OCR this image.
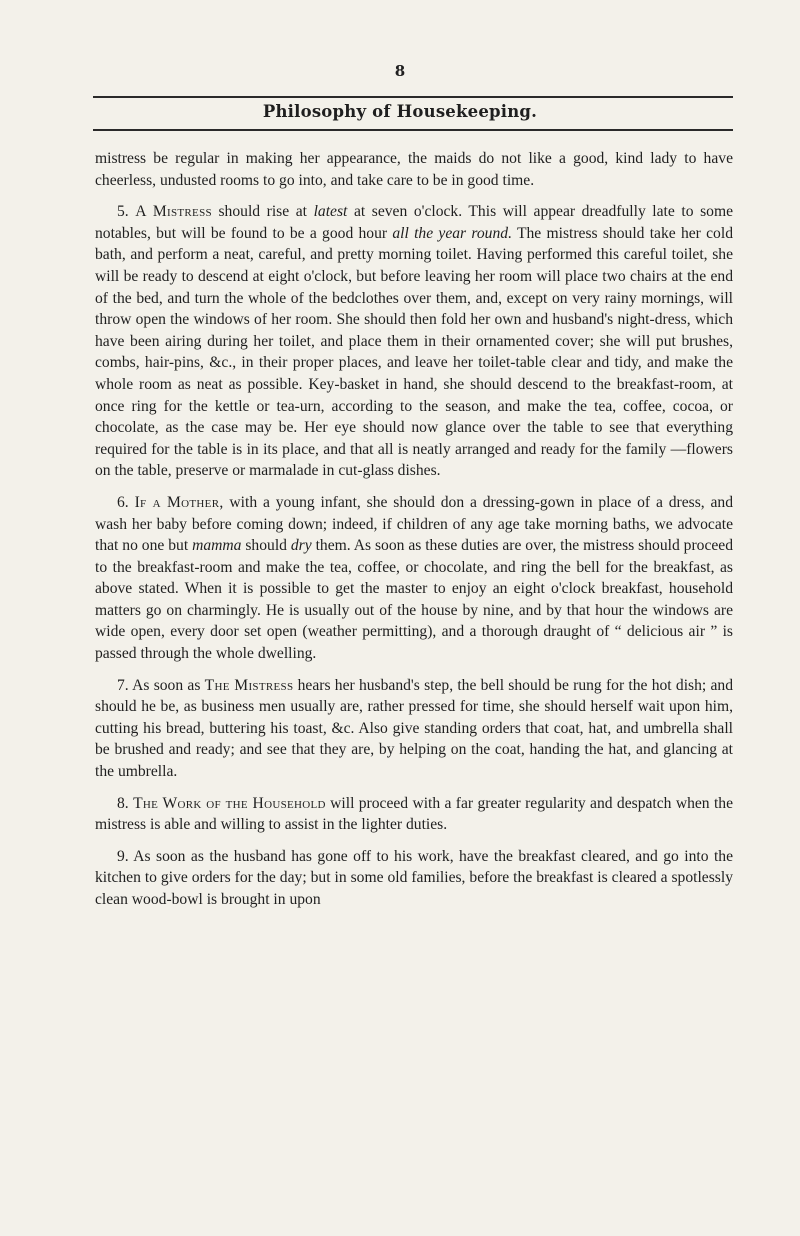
8
Philosophy of Housekeeping.

mistress be regular in making her appearance, the maids do not like a good, kind lady to have cheerless, undusted rooms to go into, and take care to be in good time.

5. A Mistress should rise at latest at seven o'clock. This will appear dreadfully late to some notables, but will be found to be a good hour all the year round. The mistress should take her cold bath, and perform a neat, careful, and pretty morning toilet. Having performed this careful toilet, she will be ready to descend at eight o'clock, but before leaving her room will place two chairs at the end of the bed, and turn the whole of the bedclothes over them, and, except on very rainy mornings, will throw open the windows of her room. She should then fold her own and husband's night-dress, which have been airing during her toilet, and place them in their ornamented cover; she will put brushes, combs, hair-pins, &c., in their proper places, and leave her toilet-table clear and tidy, and make the whole room as neat as possible. Key-basket in hand, she should descend to the breakfast-room, at once ring for the kettle or tea-urn, according to the season, and make the tea, coffee, cocoa, or chocolate, as the case may be. Her eye should now glance over the table to see that everything required for the table is in its place, and that all is neatly arranged and ready for the family —flowers on the table, preserve or marmalade in cut-glass dishes.

6. If a Mother, with a young infant, she should don a dressing-gown in place of a dress, and wash her baby before coming down; indeed, if children of any age take morning baths, we advocate that no one but mamma should dry them. As soon as these duties are over, the mistress should proceed to the breakfast-room and make the tea, coffee, or chocolate, and ring the bell for the breakfast, as above stated. When it is possible to get the master to enjoy an eight o'clock breakfast, household matters go on charmingly. He is usually out of the house by nine, and by that hour the windows are wide open, every door set open (weather permitting), and a thorough draught of “ delicious air ” is passed through the whole dwelling.

7. As soon as The Mistress hears her husband's step, the bell should be rung for the hot dish; and should he be, as business men usually are, rather pressed for time, she should herself wait upon him, cutting his bread, buttering his toast, &c. Also give standing orders that coat, hat, and umbrella shall be brushed and ready; and see that they are, by helping on the coat, handing the hat, and glancing at the umbrella.

8. The Work of the Household will proceed with a far greater regularity and despatch when the mistress is able and willing to assist in the lighter duties.

9. As soon as the husband has gone off to his work, have the breakfast cleared, and go into the kitchen to give orders for the day; but in some old families, before the breakfast is cleared a spotlessly clean wood-bowl is brought in upon
